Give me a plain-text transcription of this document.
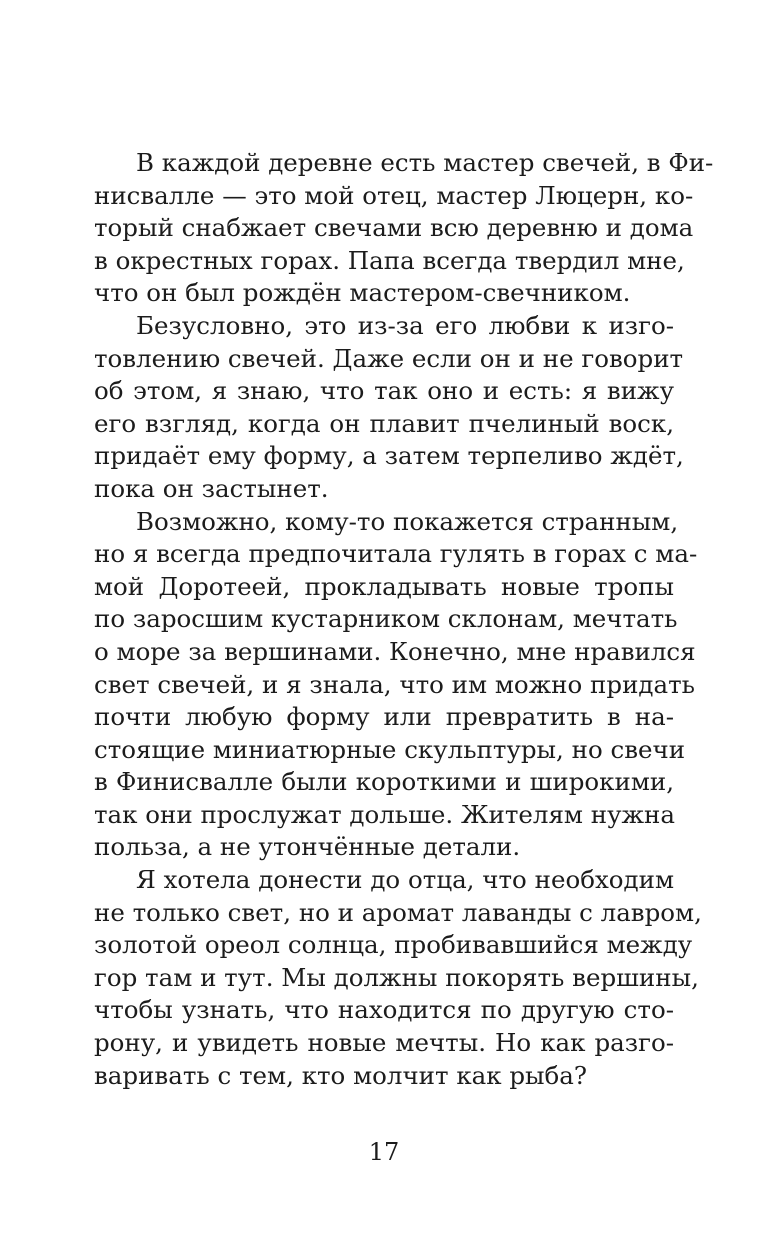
В каждой деревне есть мастер свечей, в Фи-
нисвалле — это мой отец, мастер Люцерн, ко-
торый снабжает свечами всю деревню и дома
в окрестных горах. Папа всегда твердил мне,
что он был рождён мастером-свечником.
Безусловно, это из-за его любви к изго-
товлению свечей. Даже если он и не говорит
об этом, я знаю, что так оно и есть: я вижу
его взгляд, когда он плавит пчелиный воск,
придаёт ему форму, а затем терпеливо ждёт,
пока он застынет.
Возможно, кому-то покажется странным,
но я всегда предпочитала гулять в горах с ма-
мой Доротеей, прокладывать новые тропы
по заросшим кустарником склонам, мечтать
о море за вершинами. Конечно, мне нравился
свет свечей, и я знала, что им можно придать
почти любую форму или превратить в на-
стоящие миниатюрные скульптуры, но свечи
в Финисвалле были короткими и широкими,
так они прослужат дольше. Жителям нужна
польза, а не утончённые детали.
Я хотела донести до отца, что необходим
не только свет, но и аромат лаванды с лавром,
золотой ореол солнца, пробивавшийся между
гор там и тут. Мы должны покорять вершины,
чтобы узнать, что находится по другую сто-
рону, и увидеть новые мечты. Но как разго-
варивать с тем, кто молчит как рыба?
17
